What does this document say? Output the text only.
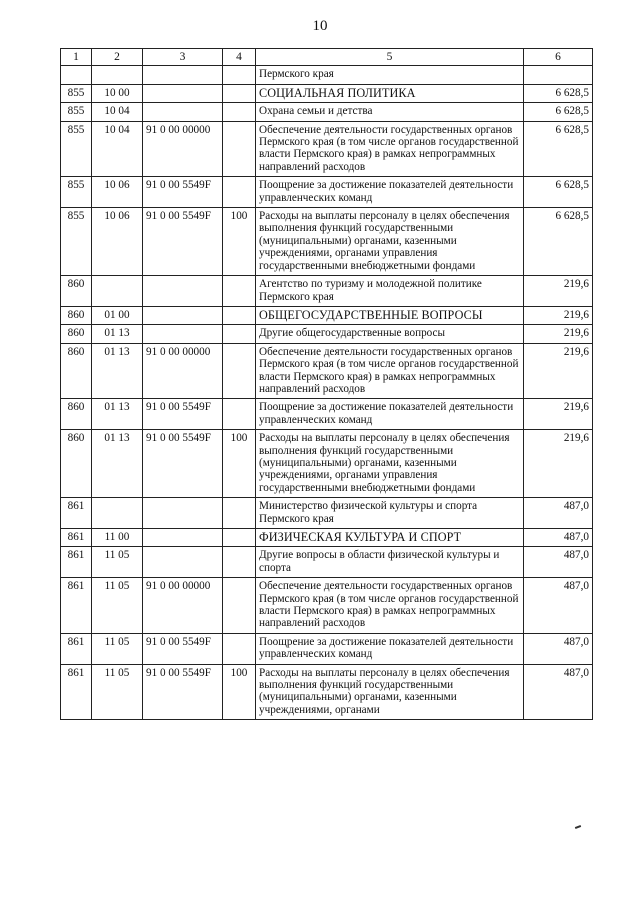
10
1	2	3	4	5	6
				Пермского края	
855	10 00			СОЦИАЛЬНАЯ ПОЛИТИКА	6 628,5
855	10 04			Охрана семьи и детства	6 628,5
855	10 04	91 0 00 00000		Обеспечение деятельности государственных органов Пермского края (в том числе органов государственной власти Пермского края) в рамках непрограммных направлений расходов	6 628,5
855	10 06	91 0 00 5549F		Поощрение за достижение показателей деятельности управленческих команд	6 628,5
855	10 06	91 0 00 5549F	100	Расходы на выплаты персоналу в целях обеспечения выполнения функций государственными (муниципальными) органами, казенными учреждениями, органами управления государственными внебюджетными фондами	6 628,5
860				Агентство по туризму и молодежной политике Пермского края	219,6
860	01 00			ОБЩЕГОСУДАРСТВЕННЫЕ ВОПРОСЫ	219,6
860	01 13			Другие общегосударственные вопросы	219,6
860	01 13	91 0 00 00000		Обеспечение деятельности государственных органов Пермского края (в том числе органов государственной власти Пермского края) в рамках непрограммных направлений расходов	219,6
860	01 13	91 0 00 5549F		Поощрение за достижение показателей деятельности управленческих команд	219,6
860	01 13	91 0 00 5549F	100	Расходы на выплаты персоналу в целях обеспечения выполнения функций государственными (муниципальными) органами, казенными учреждениями, органами управления государственными внебюджетными фондами	219,6
861				Министерство физической культуры и спорта Пермского края	487,0
861	11 00			ФИЗИЧЕСКАЯ КУЛЬТУРА И СПОРТ	487,0
861	11 05			Другие вопросы в области физической культуры и спорта	487,0
861	11 05	91 0 00 00000		Обеспечение деятельности государственных органов Пермского края (в том числе органов государственной власти Пермского края) в рамках непрограммных направлений расходов	487,0
861	11 05	91 0 00 5549F		Поощрение за достижение показателей деятельности управленческих команд	487,0
861	11 05	91 0 00 5549F	100	Расходы на выплаты персоналу в целях обеспечения выполнения функций государственными (муниципальными) органами, казенными учреждениями, органами	487,0
